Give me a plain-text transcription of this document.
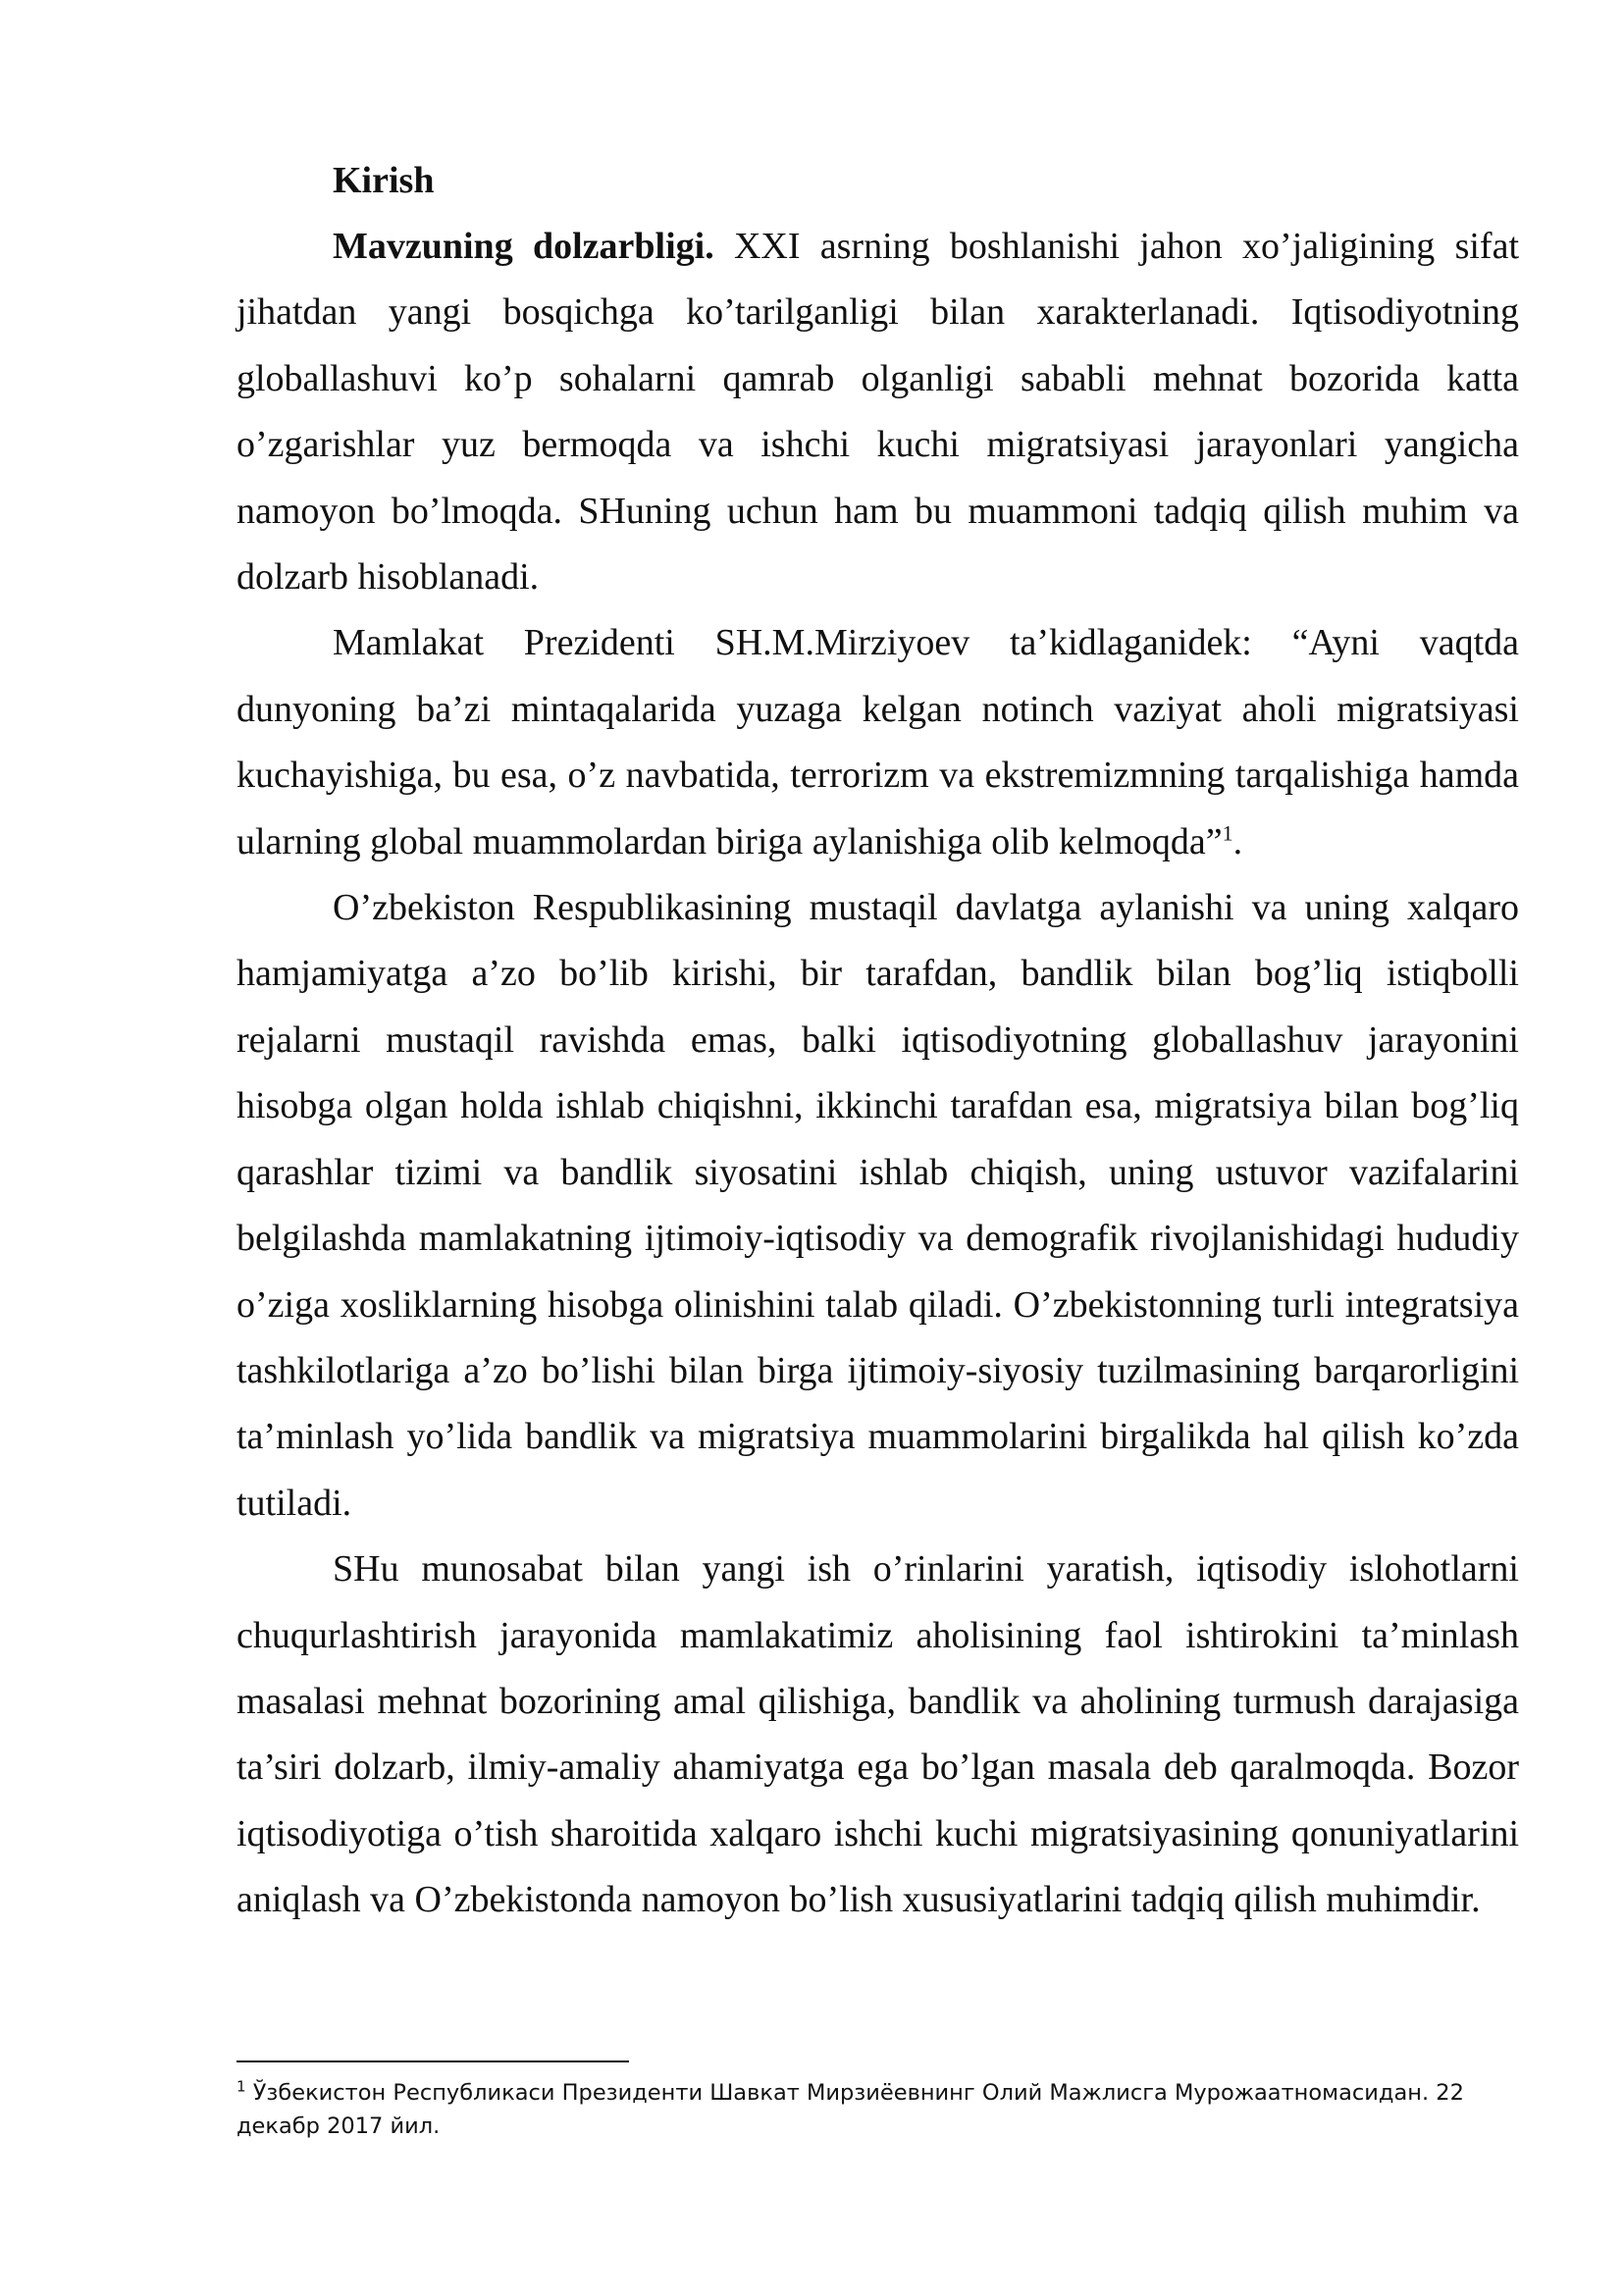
Kirish

Mavzuning dolzarbligi. XXI asrning boshlanishi jahon xo’jaligining sifat jihatdan yangi bosqichga ko’tarilganligi bilan xarakterlanadi. Iqtisodiyotning globallashuvi ko’p sohalarni qamrab olganligi sababli mehnat bozorida katta o’zgarishlar yuz bermoqda va ishchi kuchi migratsiyasi jarayonlari yangicha namoyon bo’lmoqda. SHuning uchun ham bu muammoni tadqiq qilish muhim va dolzarb hisoblanadi.

Mamlakat Prezidenti SH.M.Mirziyoev ta’kidlaganidek: “Ayni vaqtda dunyoning ba’zi mintaqalarida yuzaga kelgan notinch vaziyat aholi migratsiyasi kuchayishiga, bu esa, o’z navbatida, terrorizm va ekstremizmning tarqalishiga hamda ularning global muammolardan biriga aylanishiga olib kelmoqda”$^1$.

O’zbekiston Respublikasining mustaqil davlatga aylanishi va uning xalqaro hamjamiyatga a’zo bo’lib kirishi, bir tarafdan, bandlik bilan bog’liq istiqbolli rejalarni mustaqil ravishda emas, balki iqtisodiyotning globallashuv jarayonini hisobga olgan holda ishlab chiqishni, ikkinchi tarafdan esa, migratsiya bilan bog’liq qarashlar tizimi va bandlik siyosatini ishlab chiqish, uning ustuvor vazifalarini belgilashda mamlakatning ijtimoiy-iqtisodiy va demografik rivojlanishidagi hududiy o’ziga xosliklarning hisobga olinishini talab qiladi. O’zbekistonning turli integratsiya tashkilotlariga a’zo bo’lishi bilan birga ijtimoiy-siyosiy tuzilmasining barqarorligini ta’minlash yo’lida bandlik va migratsiya muammolarini birgalikda hal qilish ko’zda tutiladi.

SHu munosabat bilan yangi ish o’rinlarini yaratish, iqtisodiy islohotlarni chuqurlashtirish jarayonida mamlakatimiz aholisining faol ishtirokini ta’minlash masalasi mehnat bozorining amal qilishiga, bandlik va aholining turmush darajasiga ta’siri dolzarb, ilmiy-amaliy ahamiyatga ega bo’lgan masala deb qaralmoqda. Bozor iqtisodiyotiga o’tish sharoitida xalqaro ishchi kuchi migratsiyasining qonuniyatlarini aniqlash va O’zbekistonda namoyon bo’lish xususiyatlarini tadqiq qilish muhimdir.

$^1$ Ўзбекистон Республикаси Президенти Шавкат Мирзиёевнинг Олий Мажлисга Мурожаатномасидан. 22 декабр 2017 йил.
